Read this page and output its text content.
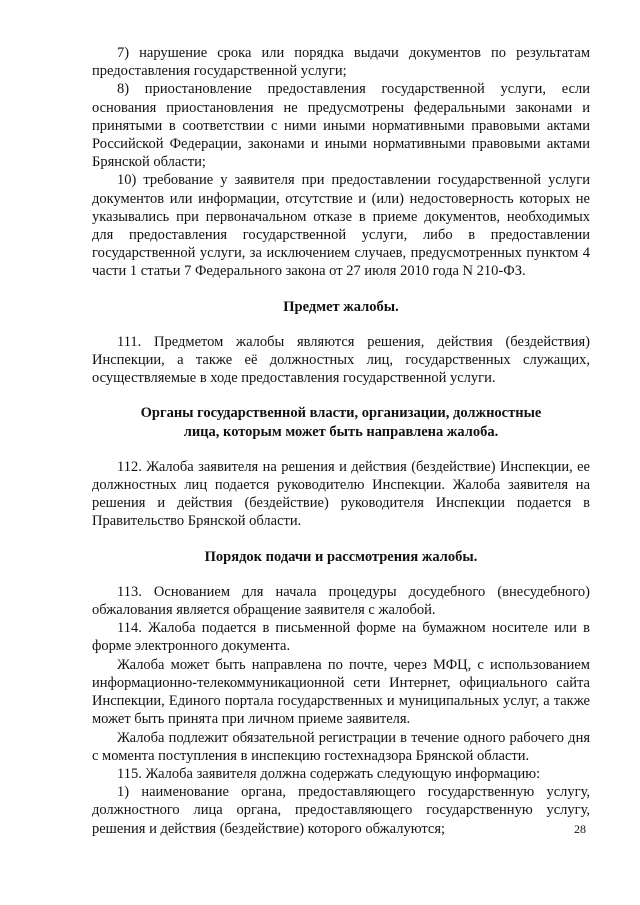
7) нарушение срока или порядка выдачи документов по результатам предоставления государственной услуги;

8) приостановление предоставления государственной услуги, если основания приостановления не предусмотрены федеральными законами и принятыми в соответствии с ними иными нормативными правовыми актами Российской Федерации, законами и иными нормативными правовыми актами Брянской области;

10) требование у заявителя при предоставлении государственной услуги документов или информации, отсутствие и (или) недостоверность которых не указывались при первоначальном отказе в приеме документов, необходимых для предоставления государственной услуги, либо в предоставлении государственной услуги, за исключением случаев, предусмотренных пунктом 4 части 1 статьи 7 Федерального закона от 27 июля 2010 года N 210-ФЗ.

Предмет жалобы.

111. Предметом жалобы являются решения, действия (бездействия) Инспекции, а также её должностных лиц, государственных служащих, осуществляемые в ходе предоставления государственной услуги.

Органы государственной власти, организации, должностные лица, которым может быть направлена жалоба.

112. Жалоба заявителя на решения и действия (бездействие) Инспекции, ее должностных лиц подается руководителю Инспекции. Жалоба заявителя на решения и действия (бездействие) руководителя Инспекции подается в Правительство Брянской области.

Порядок подачи и рассмотрения жалобы.

113. Основанием для начала процедуры досудебного (внесудебного) обжалования является обращение заявителя с жалобой.

114. Жалоба подается в письменной форме на бумажном носителе или в форме электронного документа.

Жалоба может быть направлена по почте, через МФЦ, с использованием информационно-телекоммуникационной сети Интернет, официального сайта Инспекции, Единого портала государственных и муниципальных услуг, а также может быть принята при личном приеме заявителя.

Жалоба подлежит обязательной регистрации в течение одного рабочего дня с момента поступления в инспекцию гостехнадзора Брянской области.

115. Жалоба заявителя должна содержать следующую информацию:

1) наименование органа, предоставляющего государственную услугу, должностного лица органа, предоставляющего государственную услугу, решения и действия (бездействие) которого обжалуются;	28
